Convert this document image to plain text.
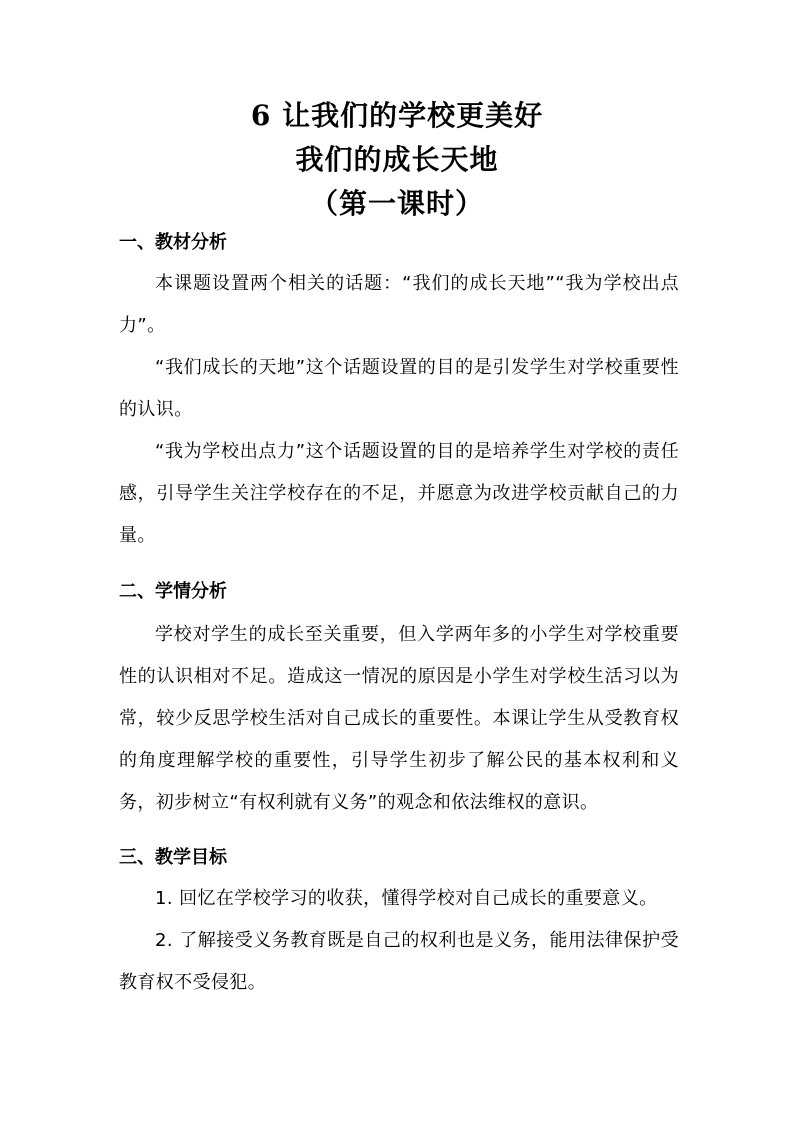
6 让我们的学校更美好
我们的成长天地
（第一课时）
一、教材分析
本课题设置两个相关的话题：“我们的成长天地”“我为学校出点力”。
“我们成长的天地”这个话题设置的目的是引发学生对学校重要性的认识。
“我为学校出点力”这个话题设置的目的是培养学生对学校的责任感，引导学生关注学校存在的不足，并愿意为改进学校贡献自己的力量。
二、学情分析
学校对学生的成长至关重要，但入学两年多的小学生对学校重要性的认识相对不足。造成这一情况的原因是小学生对学校生活习以为常，较少反思学校生活对自己成长的重要性。本课让学生从受教育权的角度理解学校的重要性，引导学生初步了解公民的基本权利和义务，初步树立“有权利就有义务”的观念和依法维权的意识。
三、教学目标
1. 回忆在学校学习的收获，懂得学校对自己成长的重要意义。
2. 了解接受义务教育既是自己的权利也是义务，能用法律保护受教育权不受侵犯。
